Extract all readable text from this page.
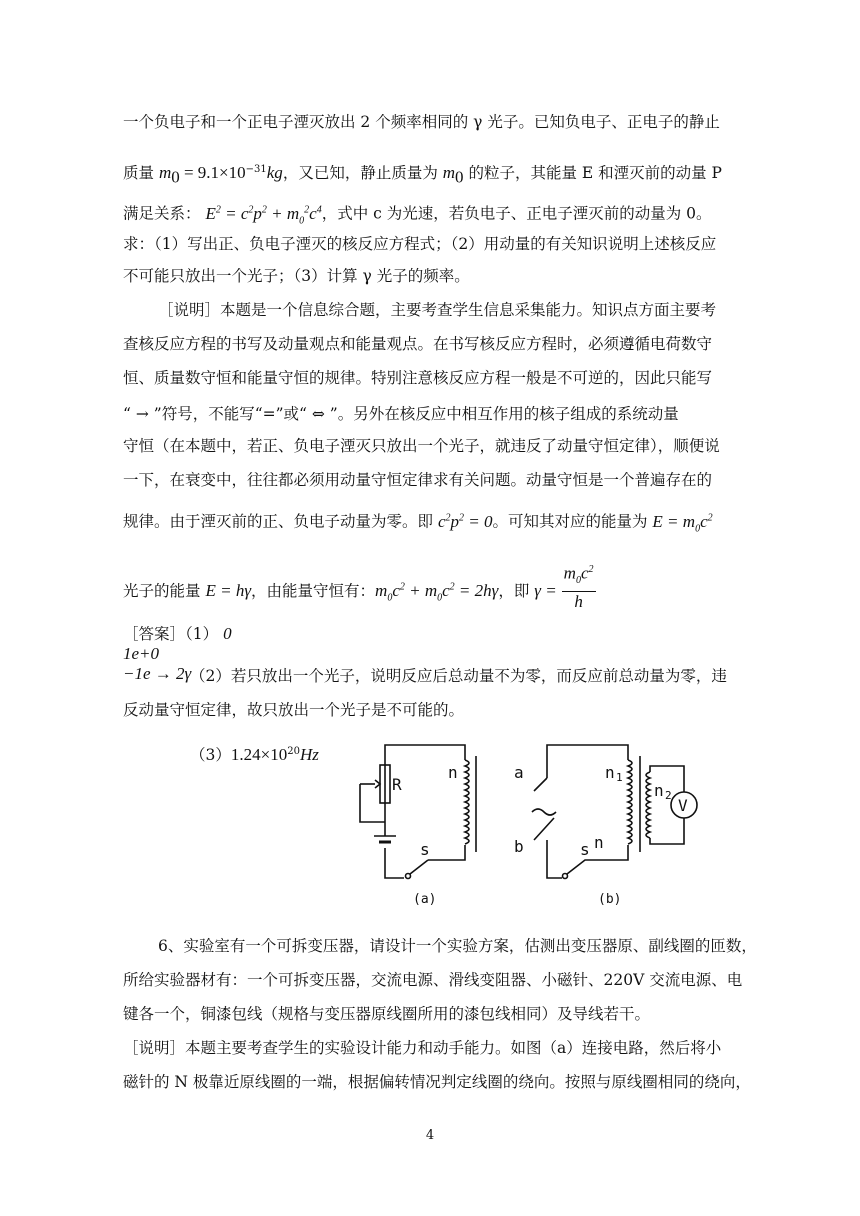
一个负电子和一个正电子湮灭放出 2 个频率相同的 γ 光子。已知负电子、正电子的静止
质量 $m_0 = 9.1\times 10^{-31}kg$，又已知，静止质量为 $m_0$ 的粒子，其能量 E 和湮灭前的动量 P
满足关系： $E^2 = c^2p^2 + m_0^2c^4$，式中 c 为光速，若负电子、正电子湮灭前的动量为 0。
求：（1）写出正、负电子湮灭的核反应方程式；（2）用动量的有关知识说明上述核反应
不可能只放出一个光子；（3）计算 γ 光子的频率。
［说明］本题是一个信息综合题，主要考查学生信息采集能力。知识点方面主要考
查核反应方程的书写及动量观点和能量观点。在书写核反应方程时，必须遵循电荷数守
恒、质量数守恒和能量守恒的规律。特别注意核反应方程一般是不可逆的，因此只能写
“ → ”符号，不能写“=”或“ ⇔ ”。另外在核反应中相互作用的核子组成的系统动量
守恒（在本题中，若正、负电子湮灭只放出一个光子，就违反了动量守恒定律），顺便说
一下，在衰变中，往往都必须用动量守恒定律求有关问题。动量守恒是一个普遍存在的
规律。由于湮灭前的正、负电子动量为零。即 $c^2p^2 = 0$。可知其对应的能量为 $E = m_0c^2$
光子的能量 E = hγ，由能量守恒有：$m_0c^2 + m_0c^2 = 2h\gamma$，即 $\gamma = \frac{m_0c^2}{h}$
［答案］（1） 0
1e+0
−1e → 2γ
（2）若只放出一个光子，说明反应后总动量不为零，而反应前总动量为零，违
反动量守恒定律，故只放出一个光子是不可能的。
$(3)1.24\times 10^{20}Hz$
R
n
s
(a)
a
b
n 1
n 2
V
s n
(b)
6、实验室有一个可拆变压器，请设计一个实验方案，估测出变压器原、副线圈的匝数，
所给实验器材有：一个可拆变压器，交流电源、滑线变阻器、小磁针、220V 交流电源、电
键各一个，铜漆包线（规格与变压器原线圈所用的漆包线相同）及导线若干。
［说明］本题主要考查学生的实验设计能力和动手能力。如图（a）连接电路，然后将小
磁针的 N 极靠近原线圈的一端，根据偏转情况判定线圈的绕向。按照与原线圈相同的绕向，
4
